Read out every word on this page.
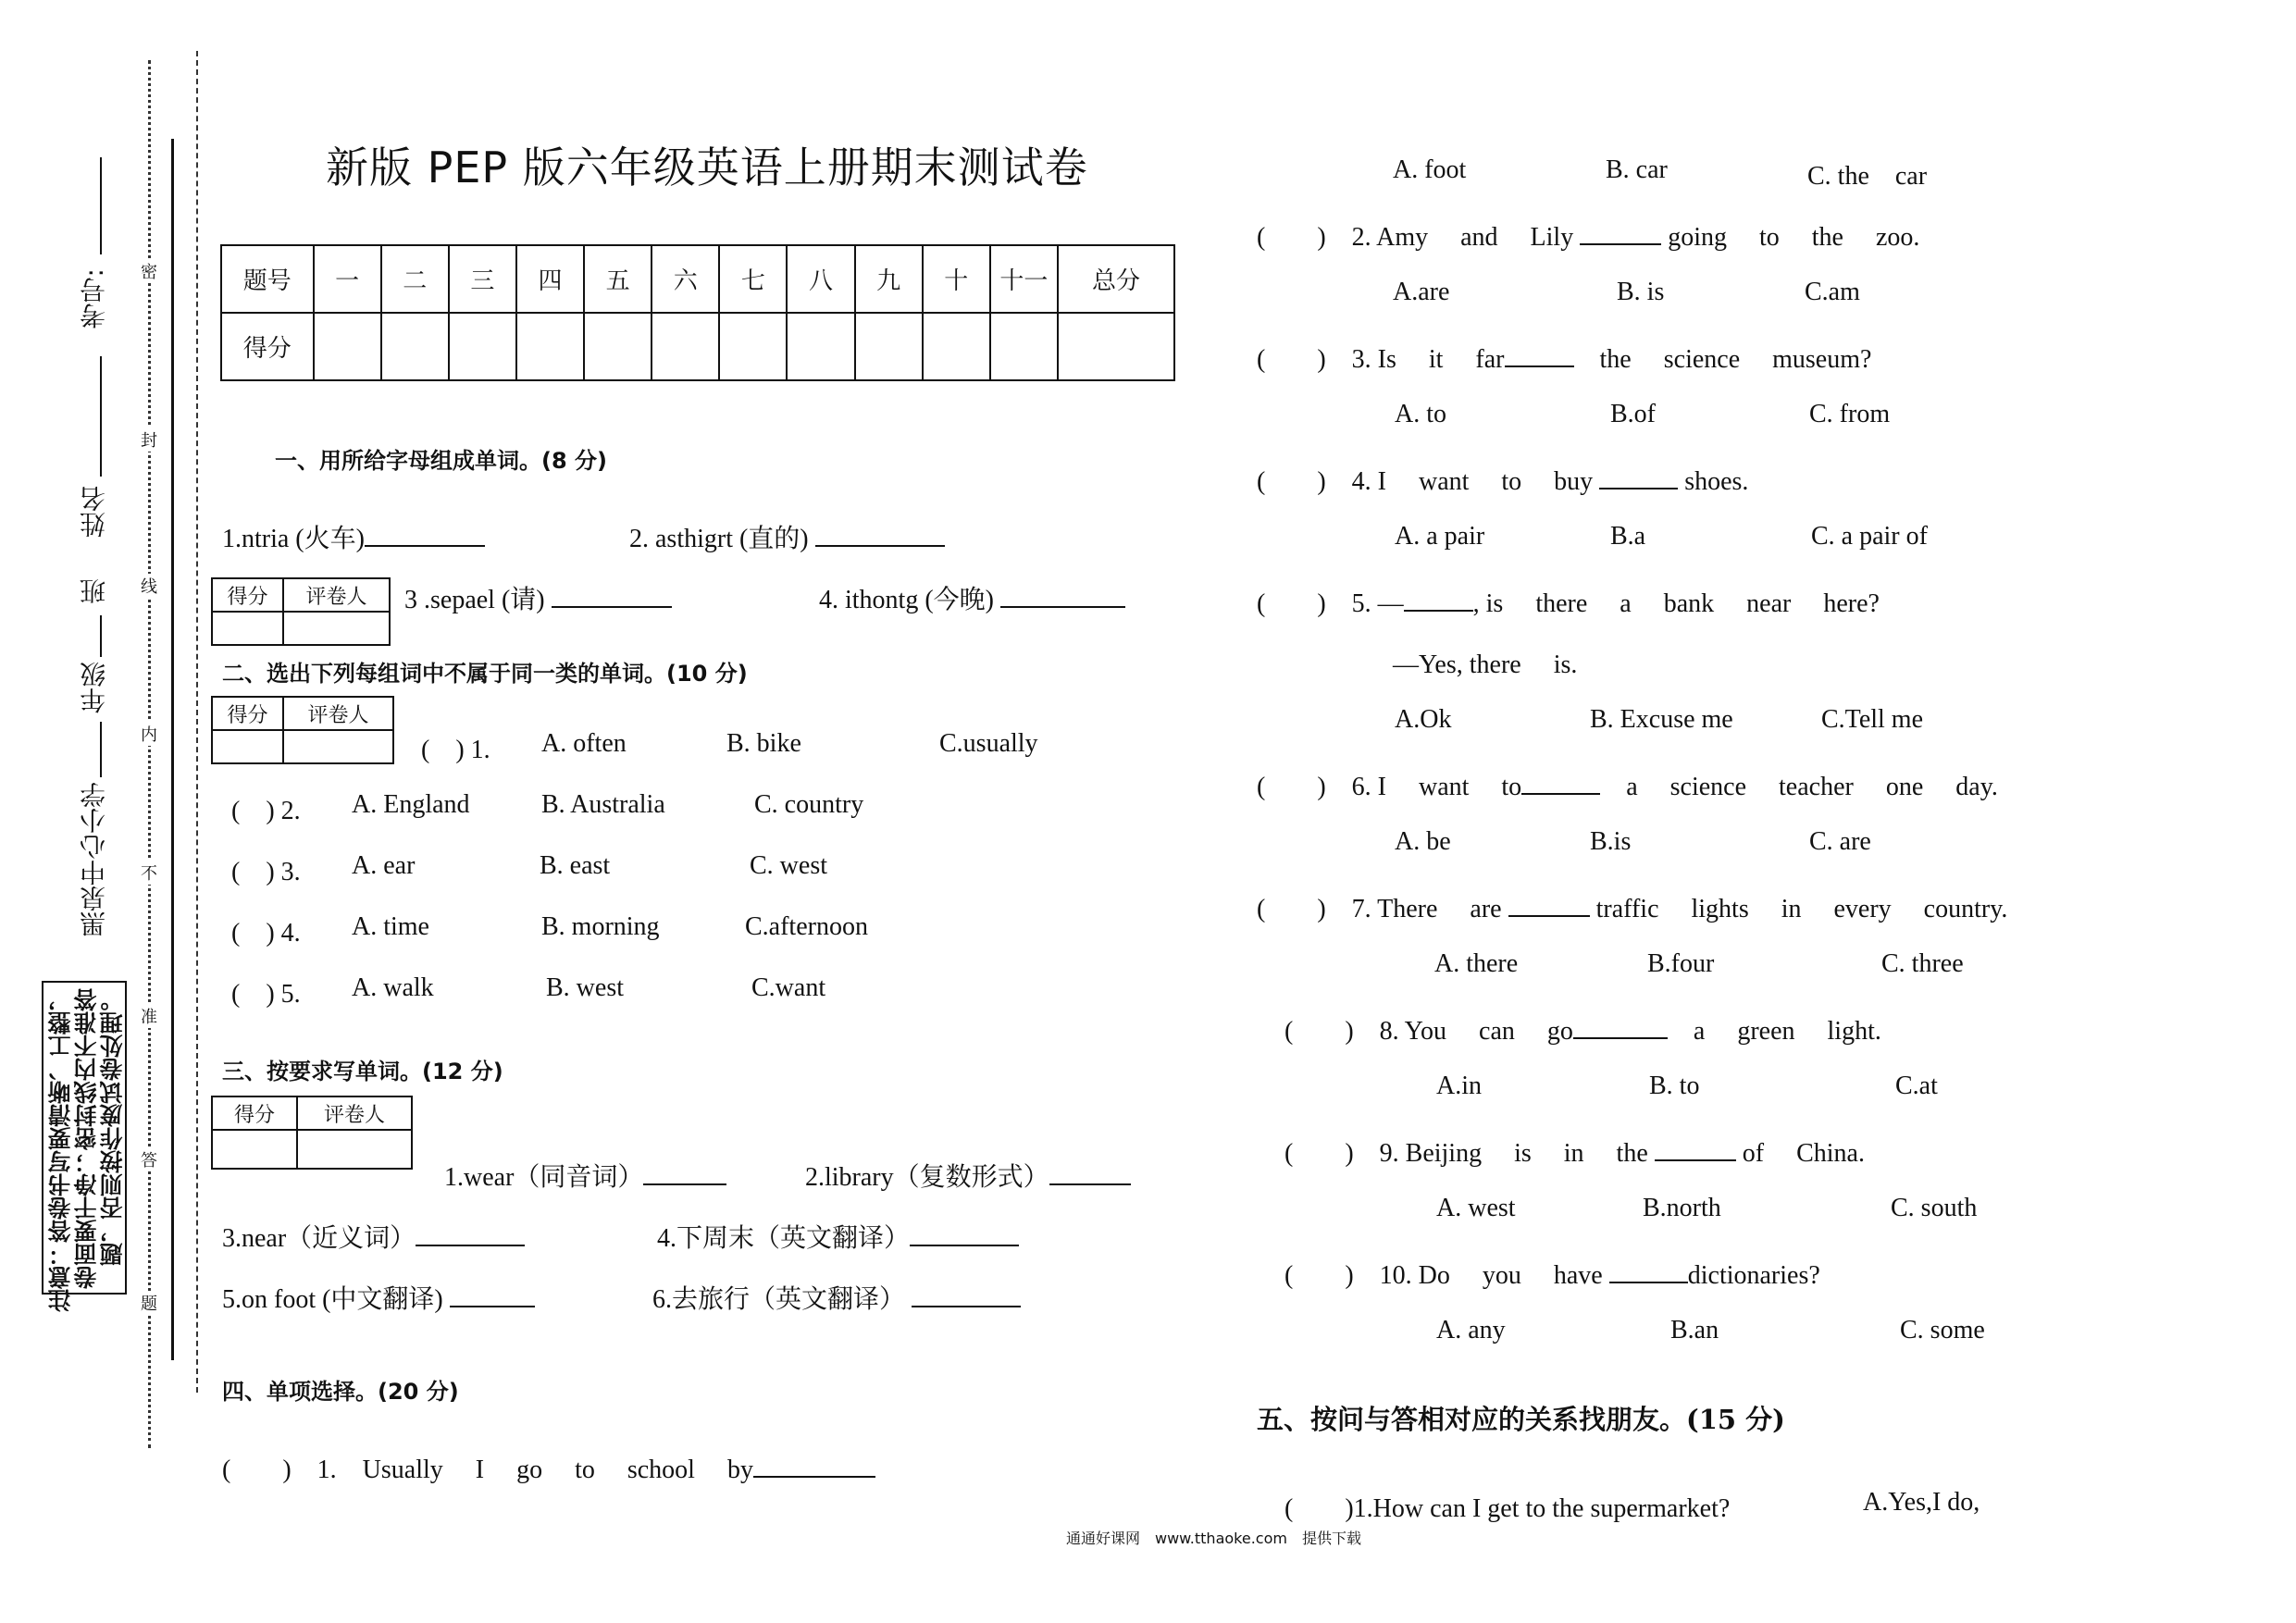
密
封
线
内
不
准
答
题
考号:
姓名
班
年级
黑泉中心小学
注意：答卷书写要清晰、工整， 卷面要干净；密封线内不准答 题，否则按作废试卷处理。
新版 PEP 版六年级英语上册期末测试卷
题号	一	二	三	四	五	六	七	八	九	十	十一	总分
得分												
一、用所给字母组成单词。(8 分)
1.ntria (火车)	2. asthigrt (直的)
得分	评卷人
	3 .sepael (请)	4. ithontg (今晚)
二、选出下列每组词中不属于同一类的单词。(10 分)
得分	评卷人

(　) 1. A. often	B. bike	C.usually
(　) 2. A. England	B. Australia	C. country
(　) 3. A. ear	B. east	C. west
(　) 4. A. time	B. morning	C.afternoon
(　) 5. A. walk	B. west	C.want
三、按要求写单词。(12 分)
得分	评卷人

1.wear（同音词）	2.library（复数形式）
3.near（近义词）	4.下周末（英文翻译）
5.on foot (中文翻译)	6.去旅行（英文翻译）
四、单项选择。(20 分)
(　　)　1.　Usually　 I　 go　 to　 school　 by
A. foot	B. car	C. the　car
(　　)　2. Amy　 and　 Lily	going　 to　 the　 zoo.
A.are	B. is	C.am
(　　)　3. Is　 it　 far　	the　 science　 museum?
A. to	B.of	C. from
(　　)　4. I　 want　 to　 buy	shoes.
A. a pair	B.a	C. a pair of
(　　)　5. —	, is　 there　 a　 bank　 near　 here?
—Yes, there　 is.
A.Ok	B. Excuse me	C.Tell me
(　　)　6. I　 want　 to　	a　 science　 teacher　 one　 day.
A. be	B.is	C. are
(　　)　7. There　 are	traffic　 lights　 in　 every　 country.
A. there	B.four	C. three
(　　)　8. You　 can　 go　	a　 green　 light.
A.in	B. to	C.at
(　　)　9. Beijing　 is　 in　 the	of　 China.
A. west	B.north	C. south
(　　)　10. Do　 you　 have	dictionaries?
A. any	B.an	C. some
五、按问与答相对应的关系找朋友。(15 分)
(　　)1.How can I get to the supermarket?	A.Yes,I do,
通通好课网　www.tthaoke.com　提供下载
